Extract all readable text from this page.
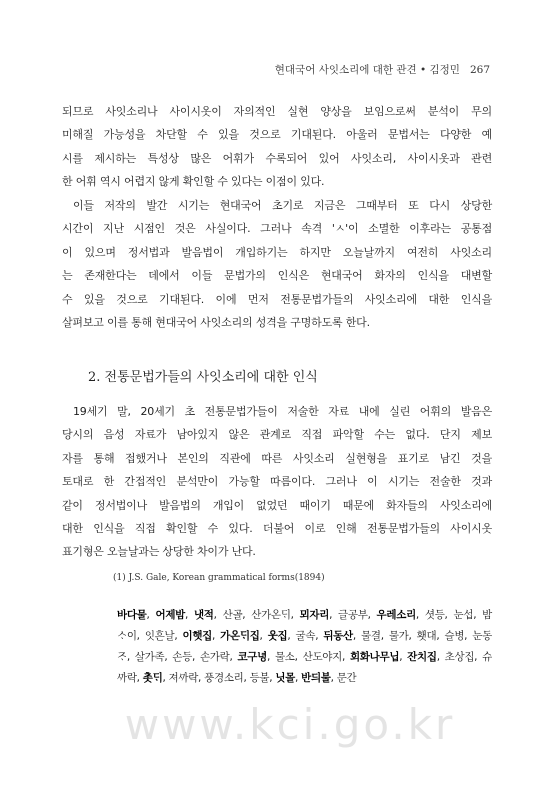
현대국어 사잇소리에 대한 관견 • 김정민 267
되므로 사잇소리나 사이시옷이 자의적인 실현 양상을 보임으로써 분석이 무의
미해질 가능성을 차단할 수 있을 것으로 기대된다. 아울러 문법서는 다양한 예
시를 제시하는 특성상 많은 어휘가 수록되어 있어 사잇소리, 사이시옷과 관련
한 어휘 역시 어렵지 않게 확인할 수 있다는 이점이 있다.
이들 저작의 발간 시기는 현대국어 초기로 지금은 그때부터 또 다시 상당한
시간이 지난 시점인 것은 사실이다. 그러나 속격 'ㅅ'이 소멸한 이후라는 공통점
이 있으며 정서법과 발음법이 개입하기는 하지만 오늘날까지 여전히 사잇소리
는 존재한다는 데에서 이들 문법가의 인식은 현대국어 화자의 인식을 대변할
수 있을 것으로 기대된다. 이에 먼저 전통문법가들의 사잇소리에 대한 인식을
살펴보고 이를 통해 현대국어 사잇소리의 성격을 구명하도록 한다.
2. 전통문법가들의 사잇소리에 대한 인식
19세기 말, 20세기 초 전통문법가들이 저술한 자료 내에 실린 어휘의 발음은
당시의 음성 자료가 남아있지 않은 관계로 직접 파악할 수는 없다. 단지 제보
자를 통해 접했거나 본인의 직관에 따른 사잇소리 실현형을 표기로 남긴 것을
토대로 한 간접적인 분석만이 가능할 따름이다. 그러나 이 시기는 전술한 것과
같이 정서법이나 발음법의 개입이 없었던 때이기 때문에 화자들의 사잇소리에
대한 인식을 직접 확인할 수 있다. 더불어 이로 인해 전통문법가들의 사이시옷
표기형은 오늘날과는 상당한 차이가 난다.
(1) J.S. Gale, Korean grammatical forms(1894)
바다물, 어제밤, 냇적, 산골, 산가온ᄃᆡ, 뫼자리, 글공부, 우레소리, 셧등, 눈섭, 밤
ᄉᆞ이, 잇흔날, 이햇집, 가온ᄃᆡ집, 웃집, 굴속, 뒤동산, 물결, 물가, 횃대, 슬병, 눈동
ᄌᆞ, 살가족, 손등, 손가락, 코구녕, 물소, 산도야지, 회화나무닙, 잔치집, 초상집, 슈
ᄭᅡ락, 촛ᄃᆡ, 져ᄭᅡ락, 풍경소리, 등불, 닛몰, 반듸불, 문간
www.kci.go.kr
